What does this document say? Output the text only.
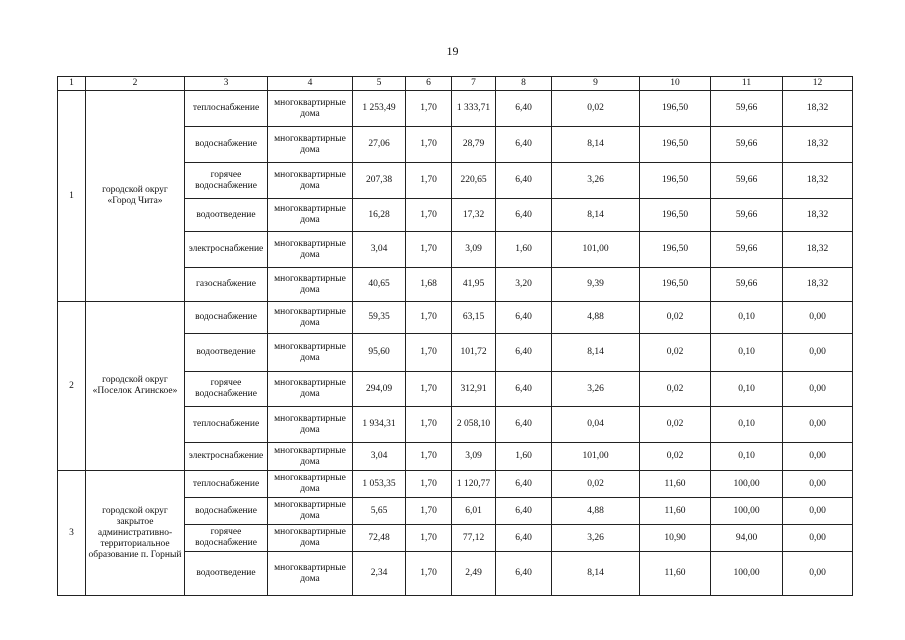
19
1	2	3	4	5	6	7	8	9	10	11	12
1	городской округ «Город Чита»	теплоснабжение	многоквартирные дома	1 253,49	1,70	1 333,71	6,40	0,02	196,50	59,66	18,32
		водоснабжение	многоквартирные дома	27,06	1,70	28,79	6,40	8,14	196,50	59,66	18,32
		горячее водоснабжение	многоквартирные дома	207,38	1,70	220,65	6,40	3,26	196,50	59,66	18,32
		водоотведение	многоквартирные дома	16,28	1,70	17,32	6,40	8,14	196,50	59,66	18,32
		электроснабжение	многоквартирные дома	3,04	1,70	3,09	1,60	101,00	196,50	59,66	18,32
		газоснабжение	многоквартирные дома	40,65	1,68	41,95	3,20	9,39	196,50	59,66	18,32
2	городской округ «Поселок Агинское»	водоснабжение	многоквартирные дома	59,35	1,70	63,15	6,40	4,88	0,02	0,10	0,00
		водоотведение	многоквартирные дома	95,60	1,70	101,72	6,40	8,14	0,02	0,10	0,00
		горячее водоснабжение	многоквартирные дома	294,09	1,70	312,91	6,40	3,26	0,02	0,10	0,00
		теплоснабжение	многоквартирные дома	1 934,31	1,70	2 058,10	6,40	0,04	0,02	0,10	0,00
		электроснабжение	многоквартирные дома	3,04	1,70	3,09	1,60	101,00	0,02	0,10	0,00
3	городской округ закрытое административно-территориальное образование п. Горный	теплоснабжение	многоквартирные дома	1 053,35	1,70	1 120,77	6,40	0,02	11,60	100,00	0,00
		водоснабжение	многоквартирные дома	5,65	1,70	6,01	6,40	4,88	11,60	100,00	0,00
		горячее водоснабжение	многоквартирные дома	72,48	1,70	77,12	6,40	3,26	10,90	94,00	0,00
		водоотведение	многоквартирные дома	2,34	1,70	2,49	6,40	8,14	11,60	100,00	0,00
